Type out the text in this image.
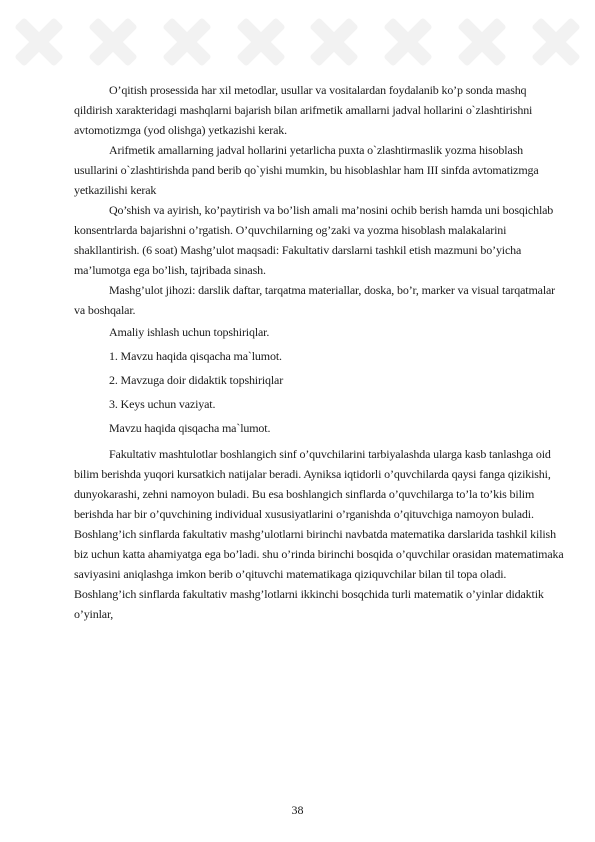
O’qitish prosessida har xil metodlar, usullar va vositalardan foydalanib ko’p sonda mashq qildirish xarakteridagi mashqlarni bajarish bilan arifmetik amallarni jadval hollarini o`zlashtirishni avtomotizmga (yod olishga) yetkazishi kerak.

Arifmetik amallarning jadval hollarini yetarlicha puxta o`zlashtirmaslik yozma hisoblash usullarini o`zlashtirishda pand berib qo`yishi mumkin, bu hisoblashlar ham III sinfda avtomatizmga yetkazilishi kerak

Qo’shish va ayirish, ko’paytirish va bo’lish amali ma’nosini ochib berish hamda uni bosqichlab konsentrlarda bajarishni o’rgatish. O’quvchilarning og’zaki va yozma hisoblash malakalarini shakllantirish. (6 soat) Mashg’ulot maqsadi: Fakultativ darslarni tashkil etish mazmuni bo’yicha ma’lumotga ega bo’lish, tajribada sinash.

Mashg’ulot jihozi: darslik daftar, tarqatma materiallar, doska, bo’r, marker va visual tarqatmalar va boshqalar.

Amaliy ishlash uchun topshiriqlar.

1. Mavzu haqida qisqacha ma`lumot.

2. Mavzuga doir didaktik topshiriqlar

3. Keys uchun vaziyat.

Mavzu haqida qisqacha ma`lumot.

Fakultativ mashtulotlar boshlangich sinf o’quvchilarini tarbiyalashda ularga kasb tanlashga oid bilim berishda yuqori kursatkich natijalar beradi. Ayniksa iqtidorli o’quvchilarda qaysi fanga qizikishi, dunyokarashi, zehni namoyon buladi. Bu esa boshlangich sinflarda o’quvchilarga to’la to’kis bilim berishda har bir o’quvchining individual xususiyatlarini o’rganishda o’qituvchiga namoyon buladi.

Boshlang’ich sinflarda fakultativ mashg’ulotlarni birinchi navbatda matematika darslarida tashkil kilish biz uchun katta ahamiyatga ega bo’ladi. shu o’rinda birinchi bosqida o’quvchilar orasidan matematimaka saviyasini aniqlashga imkon berib o’qituvchi matematikaga qiziquvchilar bilan til topa oladi. Boshlang’ich sinflarda fakultativ mashg’lotlarni ikkinchi bosqchida turli matematik o’yinlar didaktik o’yinlar,

38
